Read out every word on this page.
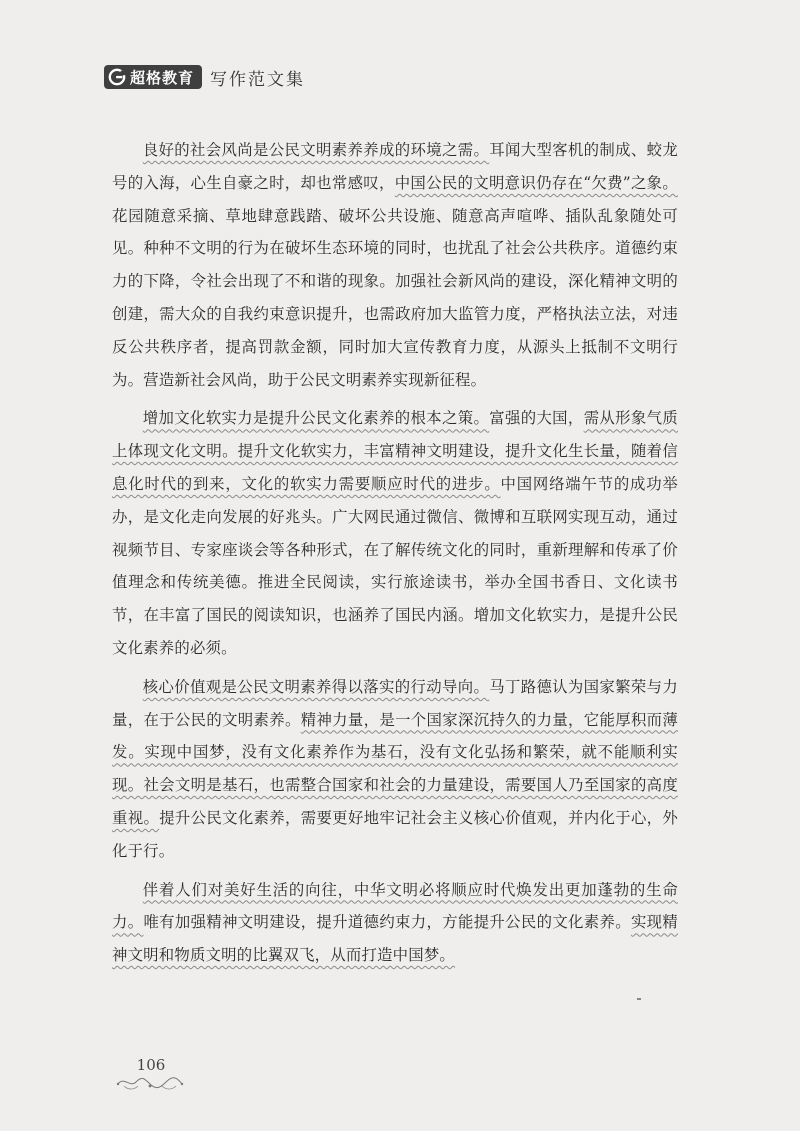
超格教育 写作范文集

良好的社会风尚是公民文明素养养成的环境之需。耳闻大型客机的制成、蛟龙号的入海，心生自豪之时，却也常感叹，中国公民的文明意识仍存在“欠费”之象。花园随意采摘、草地肆意践踏、破坏公共设施、随意高声喧哗、插队乱象随处可见。种种不文明的行为在破坏生态环境的同时，也扰乱了社会公共秩序。道德约束力的下降，令社会出现了不和谐的现象。加强社会新风尚的建设，深化精神文明的创建，需大众的自我约束意识提升，也需政府加大监管力度，严格执法立法，对违反公共秩序者，提高罚款金额，同时加大宣传教育力度，从源头上抵制不文明行为。营造新社会风尚，助于公民文明素养实现新征程。

增加文化软实力是提升公民文化素养的根本之策。富强的大国，需从形象气质上体现文化文明。提升文化软实力，丰富精神文明建设，提升文化生长量，随着信息化时代的到来，文化的软实力需要顺应时代的进步。中国网络端午节的成功举办，是文化走向发展的好兆头。广大网民通过微信、微博和互联网实现互动，通过视频节目、专家座谈会等各种形式，在了解传统文化的同时，重新理解和传承了价值理念和传统美德。推进全民阅读，实行旅途读书，举办全国书香日、文化读书节，在丰富了国民的阅读知识，也涵养了国民内涵。增加文化软实力，是提升公民文化素养的必须。

核心价值观是公民文明素养得以落实的行动导向。马丁路德认为国家繁荣与力量，在于公民的文明素养。精神力量，是一个国家深沉持久的力量，它能厚积而薄发。实现中国梦，没有文化素养作为基石，没有文化弘扬和繁荣，就不能顺利实现。社会文明是基石，也需整合国家和社会的力量建设，需要国人乃至国家的高度重视。提升公民文化素养，需要更好地牢记社会主义核心价值观，并内化于心，外化于行。

伴着人们对美好生活的向往，中华文明必将顺应时代焕发出更加蓬勃的生命力。唯有加强精神文明建设，提升道德约束力，方能提升公民的文化素养。实现精神文明和物质文明的比翼双飞，从而打造中国梦。

106
